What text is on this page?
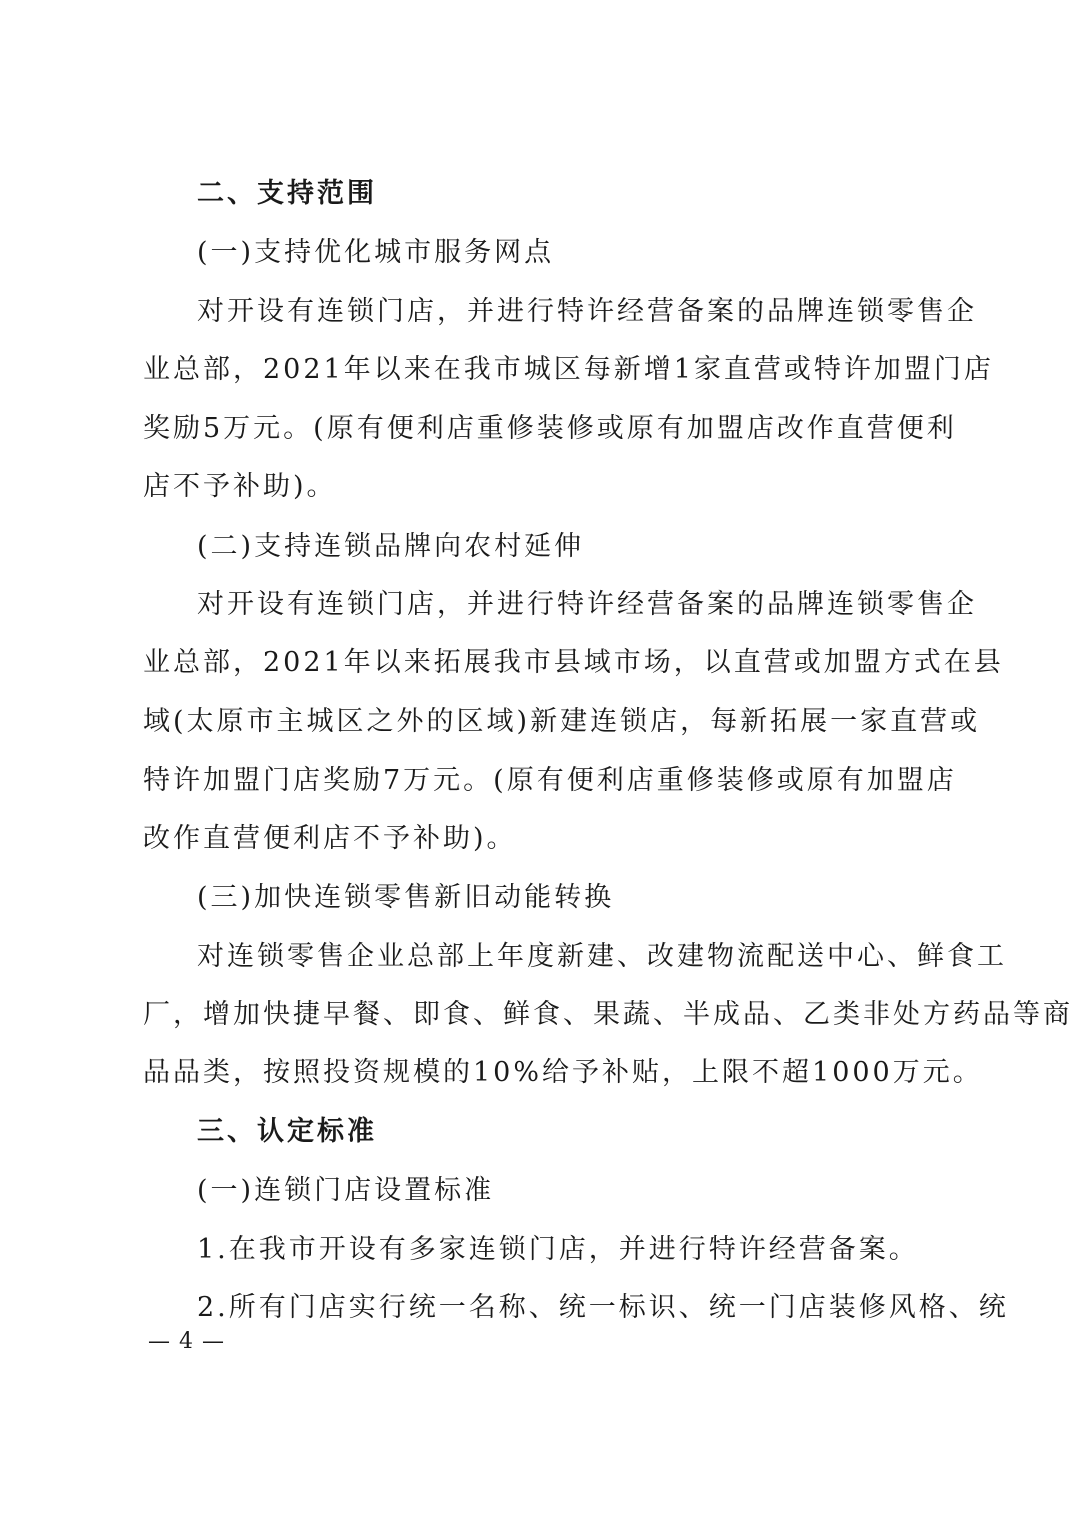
二、支持范围
(一)支持优化城市服务网点
对开设有连锁门店，并进行特许经营备案的品牌连锁零售企
业总部，2021年以来在我市城区每新增1家直营或特许加盟门店
奖励5万元。(原有便利店重修装修或原有加盟店改作直营便利
店不予补助)。
(二)支持连锁品牌向农村延伸
对开设有连锁门店，并进行特许经营备案的品牌连锁零售企
业总部，2021年以来拓展我市县域市场，以直营或加盟方式在县
域(太原市主城区之外的区域)新建连锁店，每新拓展一家直营或
特许加盟门店奖励7万元。(原有便利店重修装修或原有加盟店
改作直营便利店不予补助)。
(三)加快连锁零售新旧动能转换
对连锁零售企业总部上年度新建、改建物流配送中心、鲜食工
厂，增加快捷早餐、即食、鲜食、果蔬、半成品、乙类非处方药品等商
品品类，按照投资规模的10%给予补贴，上限不超1000万元。
三、认定标准
(一)连锁门店设置标准
1.在我市开设有多家连锁门店，并进行特许经营备案。
2.所有门店实行统一名称、统一标识、统一门店装修风格、统
— 4 —
